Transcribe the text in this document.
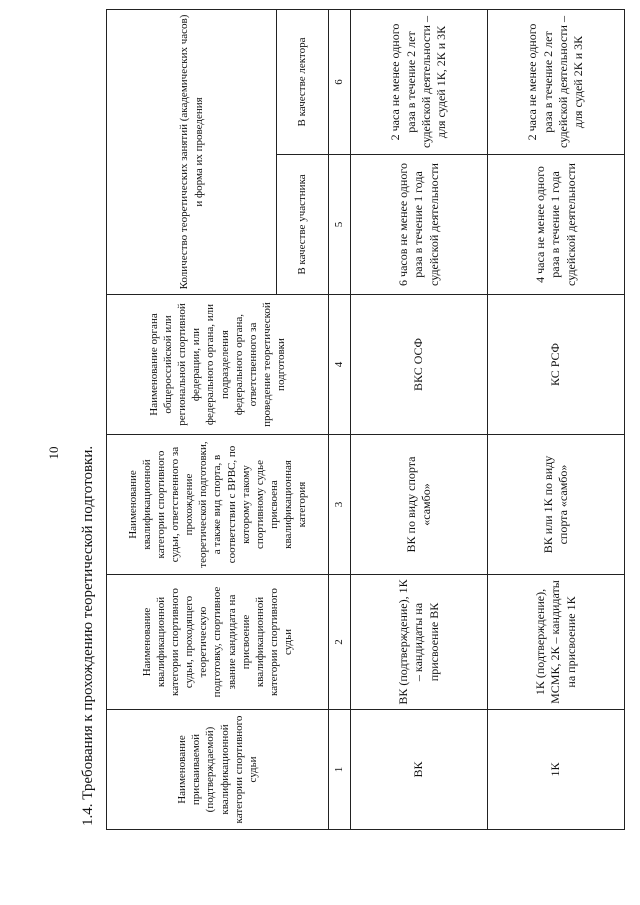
10 1.4. Требования к прохождению теоретической подготовки.	Наименование присваиваемой (подтверждаемой) квалификационной категории спортивного судьи	Наименование квалификационной категории спортивного судьи, проходящего теоретическую подготовку, спортивное звание кандидата на присвоение квалификационной категории спортивного судьи	Наименование квалификационной категории спортивного судьи, ответственного за прохождение теоретической подготовки, а также вид спорта, в соответствии с ВРВС, по которому такому спортивному судье присвоена квалификационная категория	Наименование органа общероссийской или региональной спортивной федерации, или федерального органа, или подразделения федерального органа, ответственного за проведение теоретической подготовки	Количество теоретических занятий (академических часов) и форма их проведения	
				В качестве участника	В качестве лектора
1	2	3	4	5	6
ВК	ВК (подтверждение), 1К – кандидаты на присвоение ВК	ВК по виду спорта «самбо»	ВКС ОСФ	6 часов не менее одного раза в течение 1 года судейской деятельности	2 часа не менее одного раза в течение 2 лет судейской деятельности – для судей 1К, 2К и 3К
1К	1К (подтверждение), МСМК, 2К – кандидаты на присвоение 1К	ВК или 1К по виду спорта «самбо»	КС РСФ	4 часа не менее одного раза в течение 1 года судейской деятельности	2 часа не менее одного раза в течение 2 лет судейской деятельности – для судей 2К и 3К
